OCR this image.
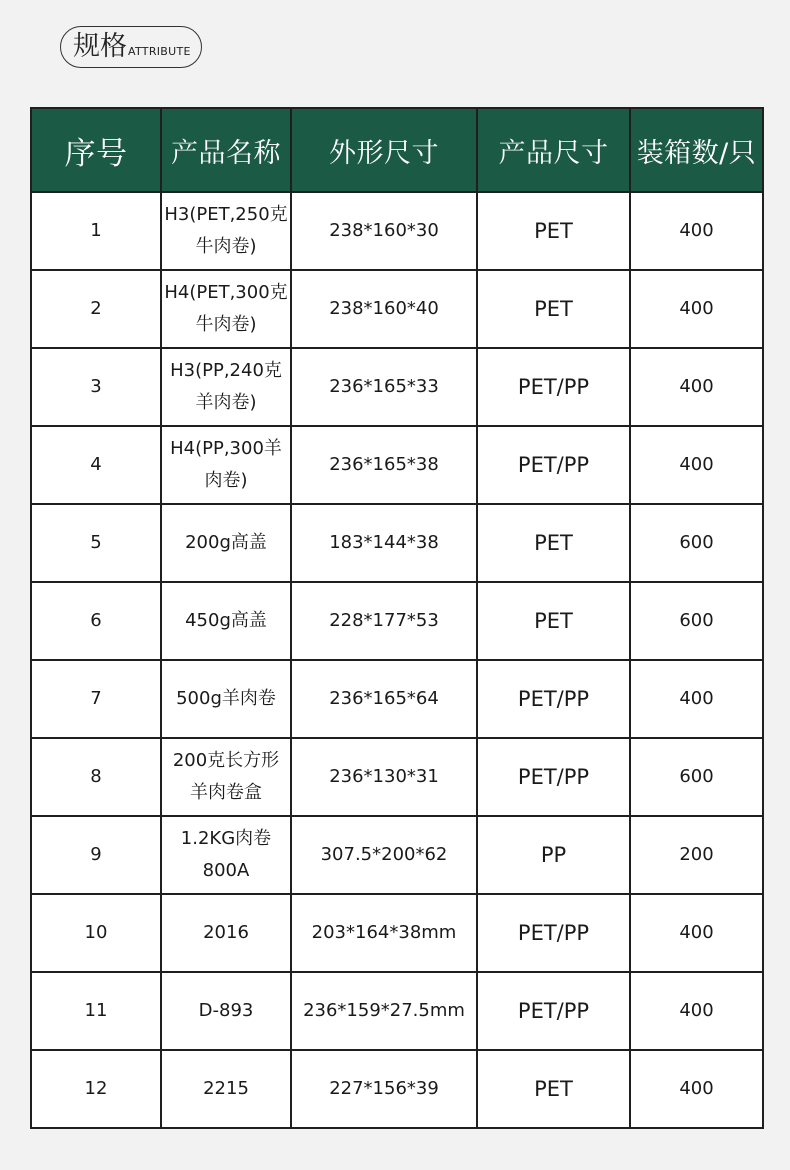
规格 ATTRIBUTE
序号	产品名称	外形尺寸	产品尺寸	装箱数/只
1	H3(PET,250克牛肉卷)	238*160*30	PET	400
2	H4(PET,300克牛肉卷)	238*160*40	PET	400
3	H3(PP,240克羊肉卷)	236*165*33	PET/PP	400
4	H4(PP,300羊肉卷)	236*165*38	PET/PP	400
5	200g高盖	183*144*38	PET	600
6	450g高盖	228*177*53	PET	600
7	500g羊肉卷	236*165*64	PET/PP	400
8	200克长方形羊肉卷盒	236*130*31	PET/PP	600
9	1.2KG肉卷800A	307.5*200*62	PP	200
10	2016	203*164*38mm	PET/PP	400
11	D-893	236*159*27.5mm	PET/PP	400
12	2215	227*156*39	PET	400
